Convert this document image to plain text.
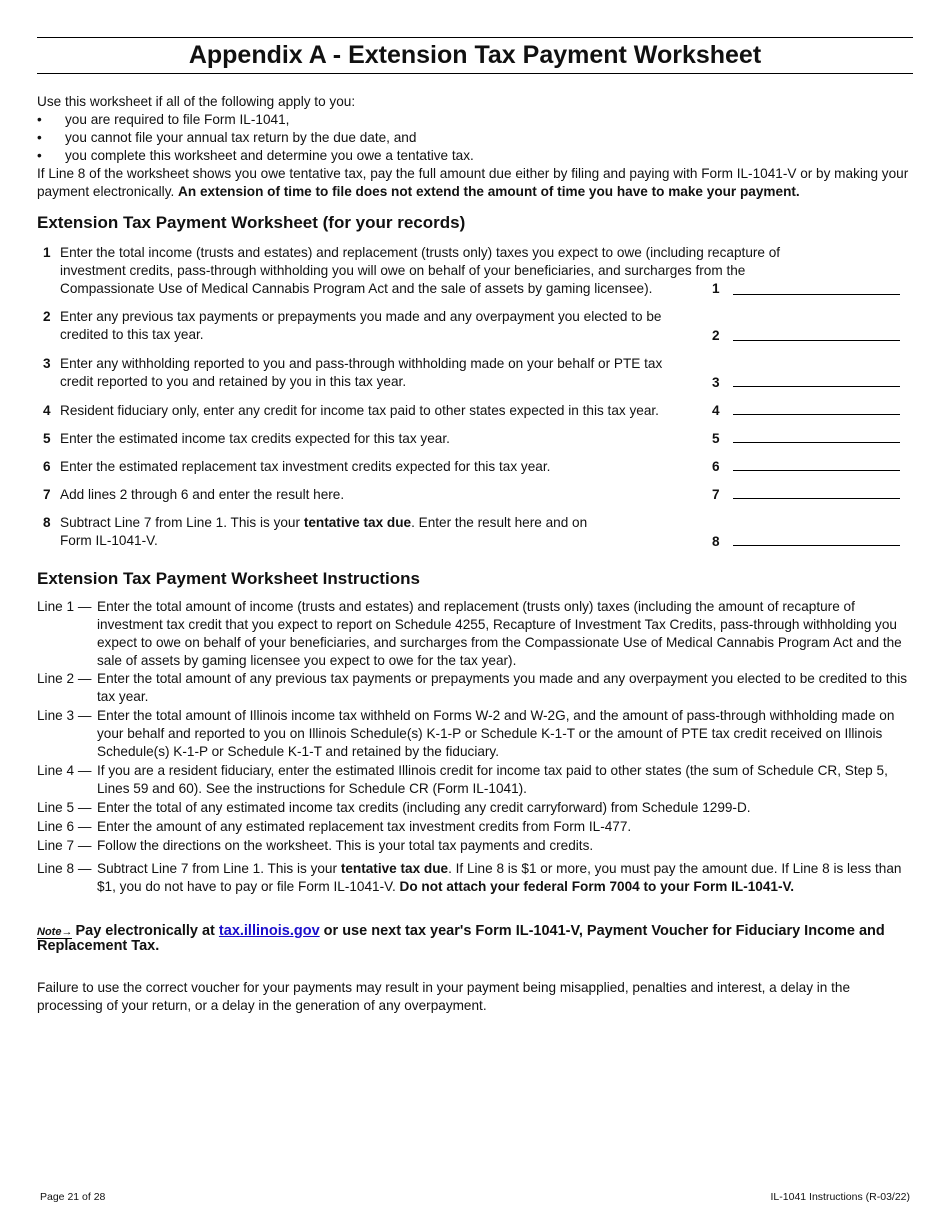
Appendix A - Extension Tax Payment Worksheet
Use this worksheet if all of the following apply to you:
•	you are required to file Form IL-1041,
•	you cannot file your annual tax return by the due date, and
•	you complete this worksheet and determine you owe a tentative tax.
If Line 8 of the worksheet shows you owe tentative tax, pay the full amount due either by filing and paying with Form IL-1041-V or by making your payment electronically. An extension of time to file does not extend the amount of time you have to make your payment.
Extension Tax Payment Worksheet (for your records)
1 Enter the total income (trusts and estates) and replacement (trusts only) taxes you expect to owe (including recapture of investment credits, pass-through withholding you will owe on behalf of your beneficiaries, and surcharges from the Compassionate Use of Medical Cannabis Program Act and the sale of assets by gaming licensee).	1
2 Enter any previous tax payments or prepayments you made and any overpayment you elected to be credited to this tax year.	2
3 Enter any withholding reported to you and pass-through withholding made on your behalf or PTE tax credit reported to you and retained by you in this tax year.	3
4 Resident fiduciary only, enter any credit for income tax paid to other states expected in this tax year.	4
5 Enter the estimated income tax credits expected for this tax year.	5
6 Enter the estimated replacement tax investment credits expected for this tax year.	6
7 Add lines 2 through 6 and enter the result here.	7
8 Subtract Line 7 from Line 1. This is your tentative tax due. Enter the result here and on Form IL-1041-V.	8
Extension Tax Payment Worksheet Instructions
Line 1 — Enter the total amount of income (trusts and estates) and replacement (trusts only) taxes (including the amount of recapture of investment tax credit that you expect to report on Schedule 4255, Recapture of Investment Tax Credits, pass-through withholding you expect to owe on behalf of your beneficiaries, and surcharges from the Compassionate Use of Medical Cannabis Program Act and the sale of assets by gaming licensee you expect to owe for the tax year).
Line 2 — Enter the total amount of any previous tax payments or prepayments you made and any overpayment you elected to be credited to this tax year.
Line 3 — Enter the total amount of Illinois income tax withheld on Forms W-2 and W-2G, and the amount of pass-through withholding made on your behalf and reported to you on Illinois Schedule(s) K-1-P or Schedule K-1-T or the amount of PTE tax credit received on Illinois Schedule(s) K-1-P or Schedule K-1-T and retained by the fiduciary.
Line 4 — If you are a resident fiduciary, enter the estimated Illinois credit for income tax paid to other states (the sum of Schedule CR, Step 5, Lines 59 and 60). See the instructions for Schedule CR (Form IL-1041).
Line 5 — Enter the total of any estimated income tax credits (including any credit carryforward) from Schedule 1299-D.
Line 6 — Enter the amount of any estimated replacement tax investment credits from Form IL-477.
Line 7 — Follow the directions on the worksheet. This is your total tax payments and credits.
Line 8 — Subtract Line 7 from Line 1. This is your tentative tax due. If Line 8 is $1 or more, you must pay the amount due. If Line 8 is less than $1, you do not have to pay or file Form IL-1041-V. Do not attach your federal Form 7004 to your Form IL-1041-V.
Note→ Pay electronically at tax.illinois.gov or use next tax year's Form IL-1041-V, Payment Voucher for Fiduciary Income and Replacement Tax.
Failure to use the correct voucher for your payments may result in your payment being misapplied, penalties and interest, a delay in the processing of your return, or a delay in the generation of any overpayment.
Page 21 of 28	IL-1041 Instructions (R-03/22)
